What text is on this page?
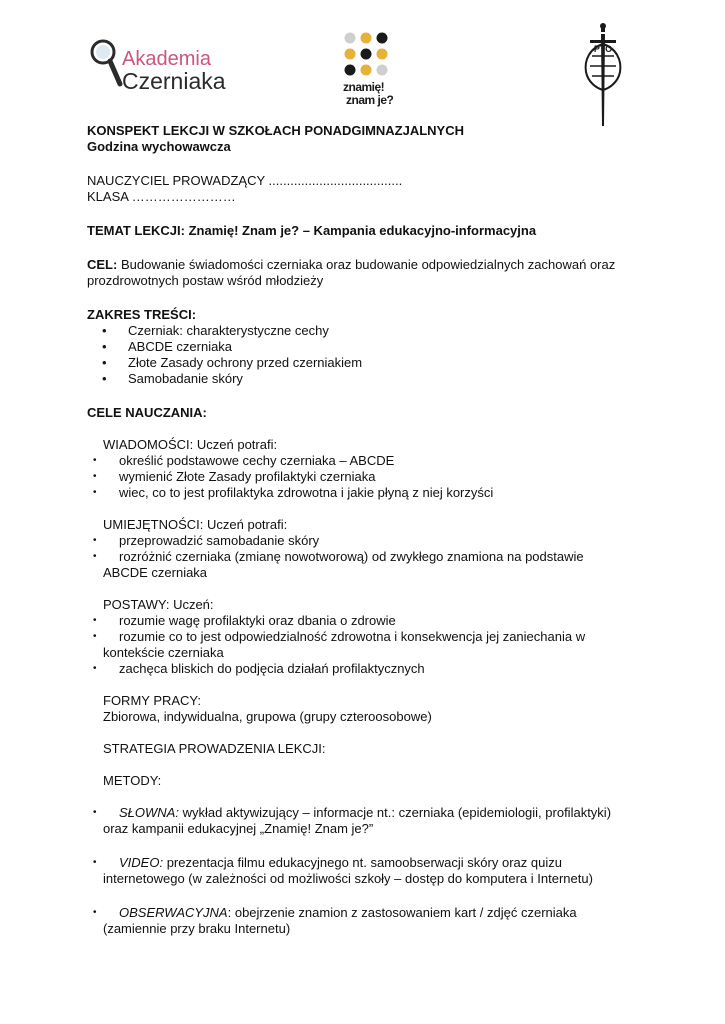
Akademia
Czerniaka	znamię!
znam je?
PTO

KONSPEKT LEKCJI W SZKOŁACH PONADGIMNAZJALNYCH

Godzina wychowawcza

NAUCZYCIEL PROWADZĄCY .....................................

KLASA ……………………

TEMAT LEKCJI: Znamię! Znam je? – Kampania edukacyjno-informacyjna

CEL: Budowanie świadomości czerniaka oraz budowanie odpowiedzialnych zachowań oraz prozdrowotnych postaw wśród młodzieży

ZAKRES TREŚCI:

• Czerniak: charakterystyczne cechy
• ABCDE czerniaka
• Złote Zasady ochrony przed czerniakiem
• Samobadanie skóry

CELE NAUCZANIA:

WIADOMOŚCI: Uczeń potrafi:

• określić podstawowe cechy czerniaka – ABCDE
• wymienić Złote Zasady profilaktyki czerniaka
• wiec, co to jest profilaktyka zdrowotna i jakie płyną z niej korzyści

UMIEJĘTNOŚCI: Uczeń potrafi:

• przeprowadzić samobadanie skóry
• rozróżnić czerniaka (zmianę nowotworową) od zwykłego znamiona na podstawie

ABCDE czerniaka

POSTAWY: Uczeń:

• rozumie wagę profilaktyki oraz dbania o zdrowie
• rozumie co to jest odpowiedzialność zdrowotna i konsekwencja jej zaniechania w

kontekście czerniaka

• zachęca bliskich do podjęcia działań profilaktycznych

FORMY PRACY:

Zbiorowa, indywidualna, grupowa (grupy czteroosobowe)

STRATEGIA PROWADZENIA LEKCJI:

METODY:

• SŁOWNA: wykład aktywizujący – informacje nt.: czerniaka (epidemiologii, profilaktyki)

oraz kampanii edukacyjnej „Znamię! Znam je?”

• VIDEO: prezentacja filmu edukacyjnego nt. samoobserwacji skóry oraz quizu

internetowego (w zależności od możliwości szkoły – dostęp do komputera i Internetu)

• OBSERWACYJNA: obejrzenie znamion z zastosowaniem kart / zdjęć czerniaka

(zamiennie przy braku Internetu)
